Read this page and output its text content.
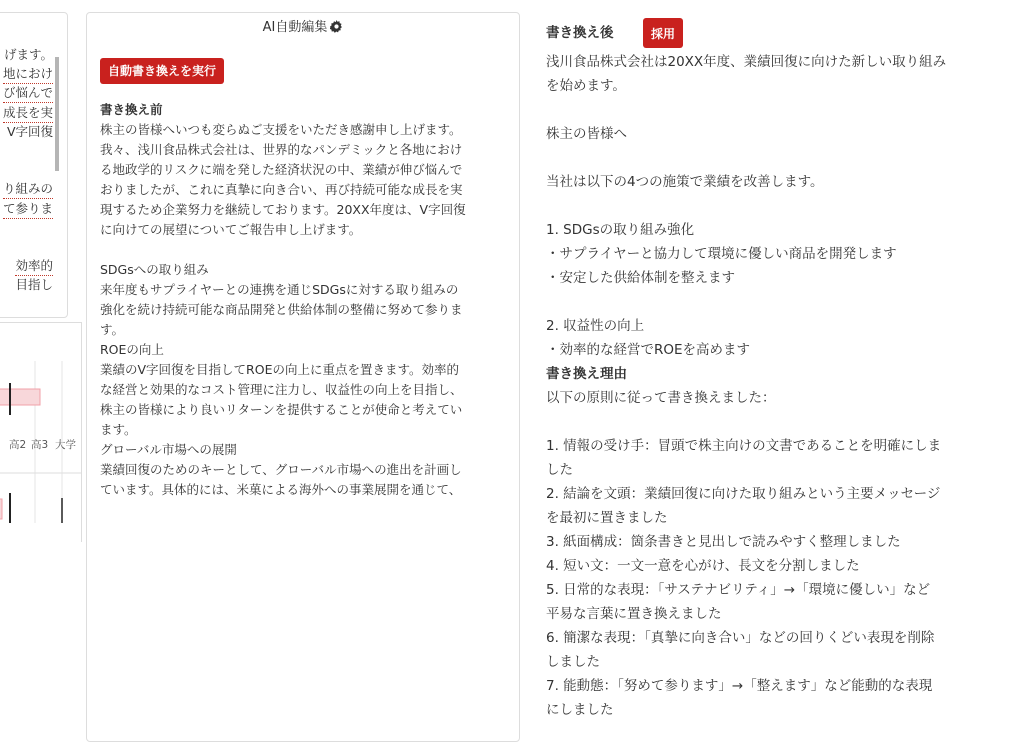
げます。
地におけ
び悩んで
成長を実
V字回復
り組みの
て参りま
効率的
目指し
高2 高3 大学
AI自動編集
自動書き換えを実行
書き換え前
株主の皆様へいつも変らぬご支援をいただき感謝申し上げます。
我々、浅川食品株式会社は、世界的なパンデミックと各地におけ
る地政学的リスクに端を発した経済状況の中、業績が伸び悩んで
おりましたが、これに真摯に向き合い、再び持続可能な成長を実
現するため企業努力を継続しております。20XX年度は、V字回復
に向けての展望についてご報告申し上げます。
SDGsへの取り組み
来年度もサプライヤーとの連携を通じSDGsに対する取り組みの
強化を続け持続可能な商品開発と供給体制の整備に努めて参りま
す。
ROEの向上
業績のV字回復を目指してROEの向上に重点を置きます。効率的
な経営と効果的なコスト管理に注力し、収益性の向上を目指し、
株主の皆様により良いリターンを提供することが使命と考えてい
ます。
グローバル市場への展開
業績回復のためのキーとして、グローバル市場への進出を計画し
ています。具体的には、米菓による海外への事業展開を通じて、
書き換え後	採用
浅川食品株式会社は20XX年度、業績回復に向けた新しい取り組み
を始めます。

株主の皆様へ

当社は以下の4つの施策で業績を改善します。

1. SDGsの取り組み強化
・サプライヤーと協力して環境に優しい商品を開発します
・安定した供給体制を整えます

2. 収益性の向上
・効率的な経営でROEを高めます

書き換え理由
以下の原則に従って書き換えました：

1. 情報の受け手：冒頭で株主向けの文書であることを明確にしま
した
2. 結論を文頭：業績回復に向けた取り組みという主要メッセージ
を最初に置きました
3. 紙面構成：箇条書きと見出しで読みやすく整理しました
4. 短い文：一文一意を心がけ、長文を分割しました
5. 日常的な表現：「サステナビリティ」→「環境に優しい」など
平易な言葉に置き換えました
6. 簡潔な表現：「真摯に向き合い」などの回りくどい表現を削除
しました
7. 能動態：「努めて参ります」→「整えます」など能動的な表現
にしました
